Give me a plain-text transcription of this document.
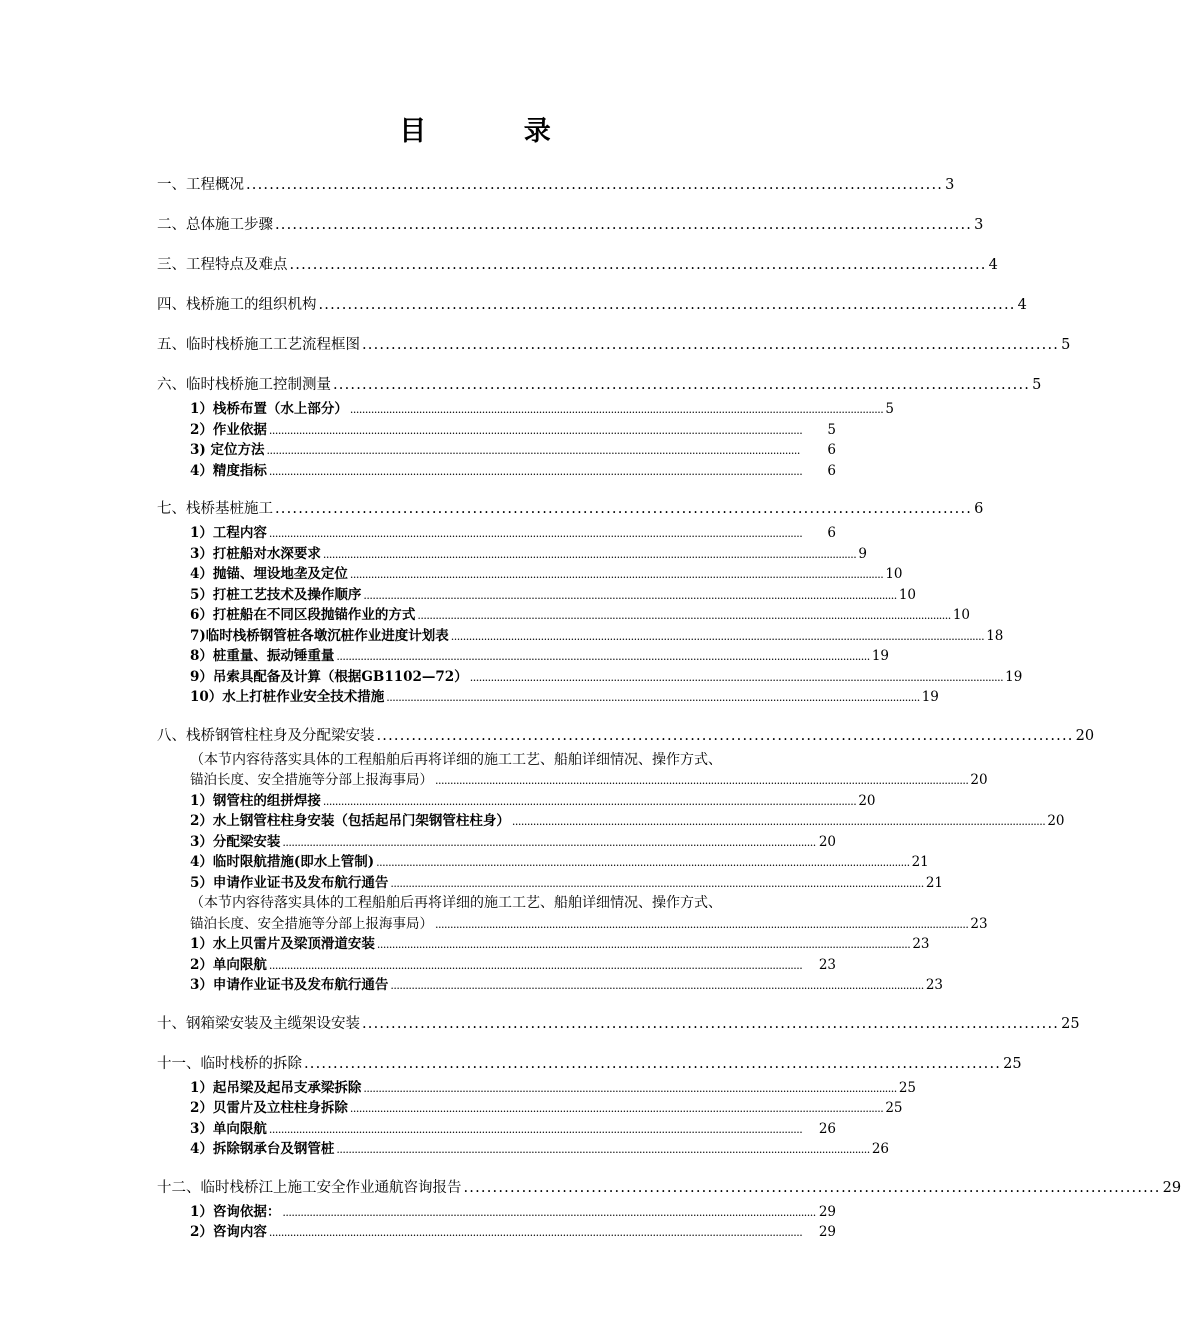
目 录
一、工程概况 ........................................................................................................................ 3
二、总体施工步骤 ........................................................................................................................ 3
三、工程特点及难点 ........................................................................................................................ 4
四、栈桥施工的组织机构 ........................................................................................................................ 4
五、临时栈桥施工工艺流程框图 ........................................................................................................................ 5
六、临时栈桥施工控制测量 ........................................................................................................................ 5
1）栈桥布置（水上部分） .................................................................................................................................................................................. 5
2）作业依据 ..................................................................................................................................................................................	5
3) 定位方法 ..................................................................................................................................................................................	6
4）精度指标 ..................................................................................................................................................................................	6
七、栈桥基桩施工 ........................................................................................................................ 6
1）工程内容 ..................................................................................................................................................................................	6
3）打桩船对水深要求 .................................................................................................................................................................................. 9
4）抛锚、埋设地垄及定位 .................................................................................................................................................................................. 10
5）打桩工艺技术及操作顺序 .................................................................................................................................................................................. 10
6）打桩船在不同区段抛锚作业的方式 .................................................................................................................................................................................. 10
7)临时栈桥钢管桩各墩沉桩作业进度计划表 .................................................................................................................................................................................. 18
8）桩重量、振动锤重量 .................................................................................................................................................................................. 19
9）吊索具配备及计算（根据GB1102—72） .................................................................................................................................................................................. 19
10）水上打桩作业安全技术措施 .................................................................................................................................................................................. 19
八、栈桥钢管柱柱身及分配梁安装 ........................................................................................................................ 20
（本节内容待落实具体的工程船舶后再将详细的施工工艺、船舶详细情况、操作方式、
锚泊长度、安全措施等分部上报海事局） .................................................................................................................................................................................. 20
1）钢管柱的组拼焊接 .................................................................................................................................................................................. 20
2）水上钢管柱柱身安装（包括起吊门架钢管柱柱身） .................................................................................................................................................................................. 20
3）分配梁安装 .................................................................................................................................................................................. 20
4）临时限航措施(即水上管制) .................................................................................................................................................................................. 21
5）申请作业证书及发布航行通告 .................................................................................................................................................................................. 21
（本节内容待落实具体的工程船舶后再将详细的施工工艺、船舶详细情况、操作方式、
锚泊长度、安全措施等分部上报海事局） .................................................................................................................................................................................. 23
1）水上贝雷片及梁顶滑道安装 .................................................................................................................................................................................. 23
2）单向限航 ..................................................................................................................................................................................	23
3）申请作业证书及发布航行通告 .................................................................................................................................................................................. 23
十、钢箱梁安装及主缆架设安装 ........................................................................................................................ 25
十一、临时栈桥的拆除 ........................................................................................................................ 25
1）起吊梁及起吊支承梁拆除 .................................................................................................................................................................................. 25
2）贝雷片及立柱柱身拆除 .................................................................................................................................................................................. 25
3）单向限航 ..................................................................................................................................................................................	26
4）拆除钢承台及钢管桩 .................................................................................................................................................................................. 26
十二、临时栈桥江上施工安全作业通航咨询报告 ........................................................................................................................ 29
1）咨询依据： .................................................................................................................................................................................. 29
2）咨询内容 ..................................................................................................................................................................................	29
